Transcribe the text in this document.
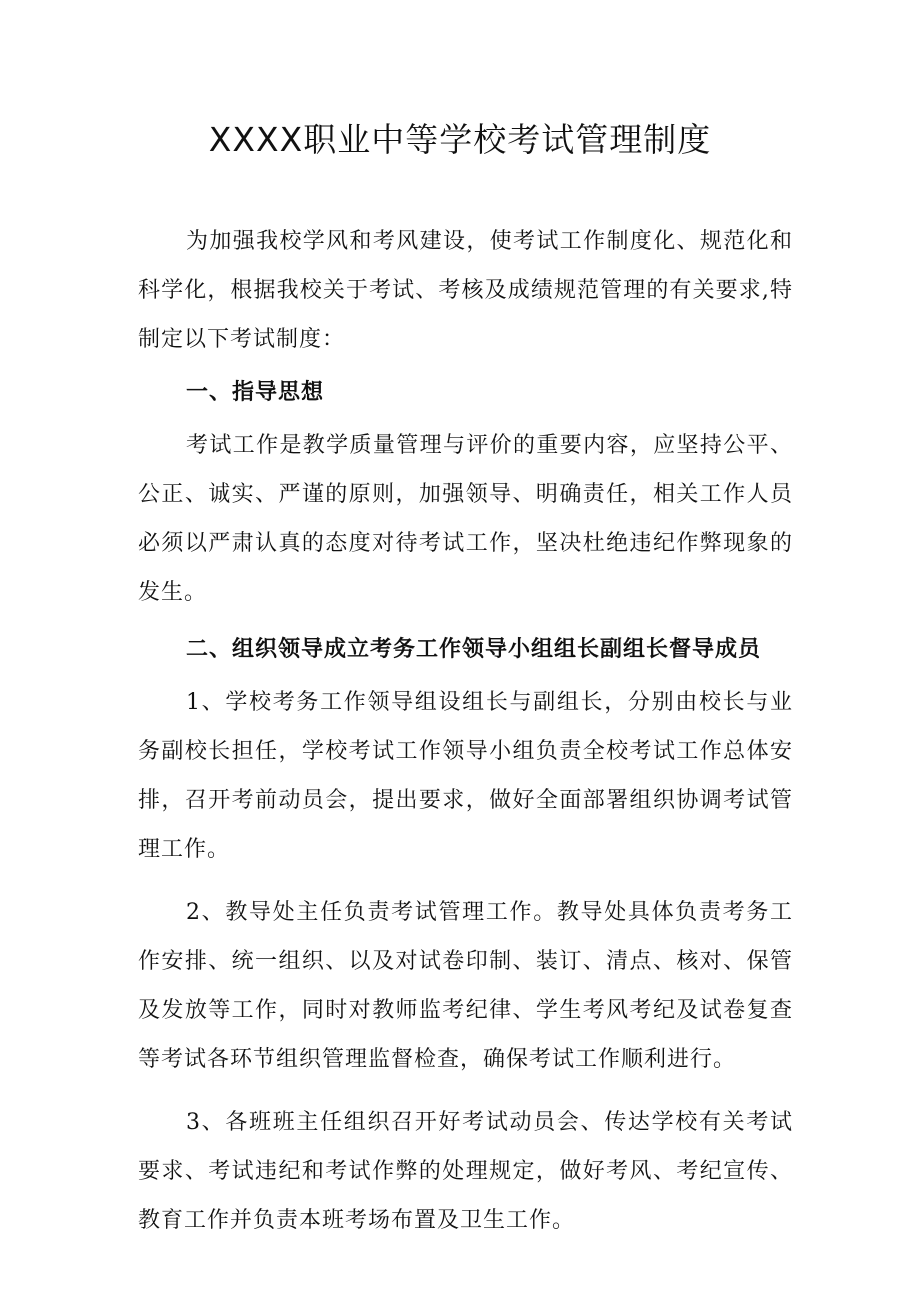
XXXX职业中等学校考试管理制度

为加强我校学风和考风建设，使考试工作制度化、规范化和科学化，根据我校关于考试、考核及成绩规范管理的有关要求,特制定以下考试制度：

一、指导思想

考试工作是教学质量管理与评价的重要内容，应坚持公平、公正、诚实、严谨的原则，加强领导、明确责任，相关工作人员必须以严肃认真的态度对待考试工作，坚决杜绝违纪作弊现象的发生。

二、组织领导成立考务工作领导小组组长副组长督导成员

1、学校考务工作领导组设组长与副组长，分别由校长与业务副校长担任，学校考试工作领导小组负责全校考试工作总体安排，召开考前动员会，提出要求，做好全面部署组织协调考试管理工作。

2、教导处主任负责考试管理工作。教导处具体负责考务工作安排、统一组织、以及对试卷印制、装订、清点、核对、保管及发放等工作，同时对教师监考纪律、学生考风考纪及试卷复查等考试各环节组织管理监督检查，确保考试工作顺利进行。

3、各班班主任组织召开好考试动员会、传达学校有关考试要求、考试违纪和考试作弊的处理规定，做好考风、考纪宣传、教育工作并负责本班考场布置及卫生工作。
